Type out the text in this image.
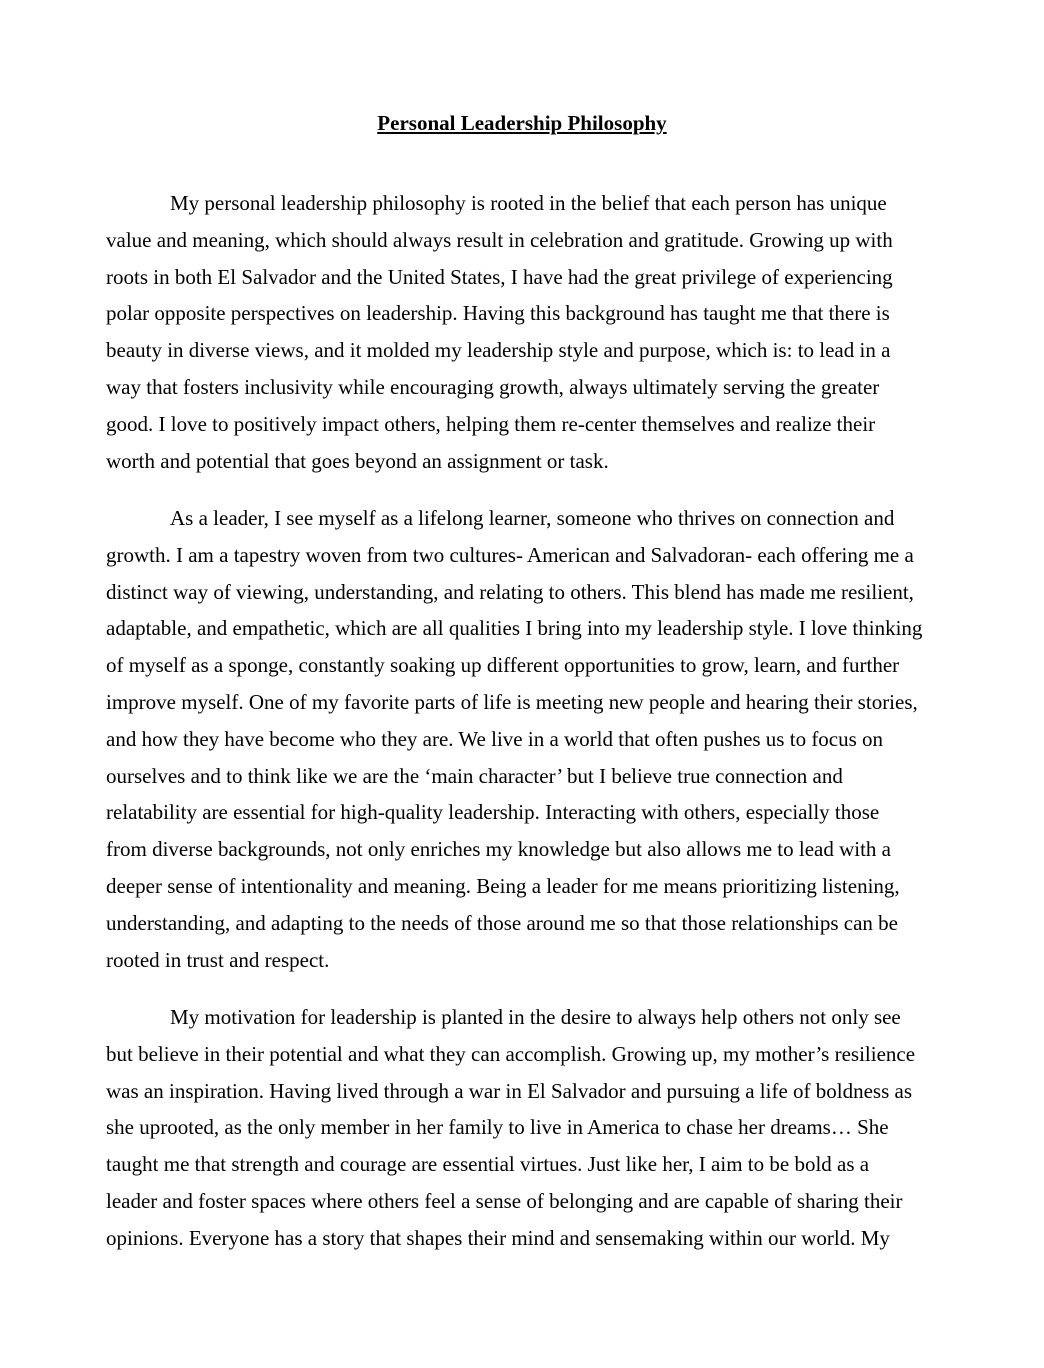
Personal Leadership Philosophy
My personal leadership philosophy is rooted in the belief that each person has unique
value and meaning, which should always result in celebration and gratitude. Growing up with
roots in both El Salvador and the United States, I have had the great privilege of experiencing
polar opposite perspectives on leadership. Having this background has taught me that there is
beauty in diverse views, and it molded my leadership style and purpose, which is: to lead in a
way that fosters inclusivity while encouraging growth, always ultimately serving the greater
good. I love to positively impact others, helping them re-center themselves and realize their
worth and potential that goes beyond an assignment or task.
As a leader, I see myself as a lifelong learner, someone who thrives on connection and
growth. I am a tapestry woven from two cultures- American and Salvadoran- each offering me a
distinct way of viewing, understanding, and relating to others. This blend has made me resilient,
adaptable, and empathetic, which are all qualities I bring into my leadership style. I love thinking
of myself as a sponge, constantly soaking up different opportunities to grow, learn, and further
improve myself. One of my favorite parts of life is meeting new people and hearing their stories,
and how they have become who they are. We live in a world that often pushes us to focus on
ourselves and to think like we are the ‘main character’ but I believe true connection and
relatability are essential for high-quality leadership. Interacting with others, especially those
from diverse backgrounds, not only enriches my knowledge but also allows me to lead with a
deeper sense of intentionality and meaning. Being a leader for me means prioritizing listening,
understanding, and adapting to the needs of those around me so that those relationships can be
rooted in trust and respect.
My motivation for leadership is planted in the desire to always help others not only see
but believe in their potential and what they can accomplish. Growing up, my mother’s resilience
was an inspiration. Having lived through a war in El Salvador and pursuing a life of boldness as
she uprooted, as the only member in her family to live in America to chase her dreams… She
taught me that strength and courage are essential virtues. Just like her, I aim to be bold as a
leader and foster spaces where others feel a sense of belonging and are capable of sharing their
opinions. Everyone has a story that shapes their mind and sensemaking within our world. My
